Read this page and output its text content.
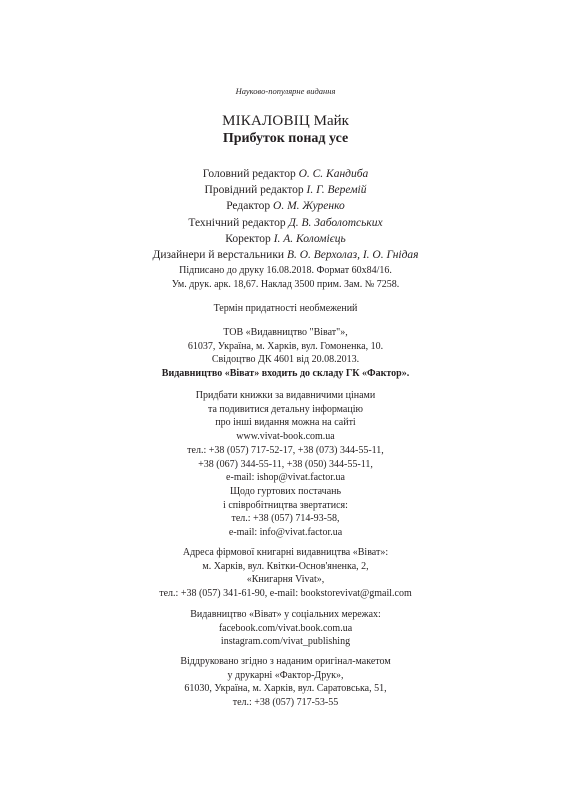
Науково-популярне видання
МІКАЛОВІЦ Майк
Прибуток понад усе
Головний редактор О. С. Кандиба
Провідний редактор І. Г. Веремій
Редактор О. М. Журенко
Технічний редактор Д. В. Заболотських
Коректор І. А. Коломієць
Дизайнери й верстальники В. О. Верхолаз, І. О. Гнідая
Підписано до друку 16.08.2018. Формат 60х84/16.
Ум. друк. арк. 18,67. Наклад 3500 прим. Зам. № 7258.
Термін придатності необмежений
ТОВ «Видавництво "Віват"»,
61037, Україна, м. Харків, вул. Гомоненка, 10.
Свідоцтво ДК 4601 від 20.08.2013.
Видавництво «Віват» входить до складу ГК «Фактор».
Придбати книжки за видавничими цінами
та подивитися детальну інформацію
про інші видання можна на сайті
www.vivat-book.com.ua
тел.: +38 (057) 717-52-17, +38 (073) 344-55-11,
+38 (067) 344-55-11, +38 (050) 344-55-11,
e-mail: ishop@vivat.factor.ua
Щодо гуртових постачань
і співробітництва звертатися:
тел.: +38 (057) 714-93-58,
e-mail: info@vivat.factor.ua
Адреса фірмової книгарні видавництва «Віват»:
м. Харків, вул. Квітки-Основ'яненка, 2,
«Книгарня Vivat»,
тел.: +38 (057) 341-61-90, e-mail: bookstorevivat@gmail.com
Видавництво «Віват» у соціальних мережах:
facebook.com/vivat.book.com.ua
instagram.com/vivat_publishing
Віддруковано згідно з наданим оригінал-макетом
у друкарні «Фактор-Друк»,
61030, Україна, м. Харків, вул. Саратовська, 51,
тел.: +38 (057) 717-53-55
